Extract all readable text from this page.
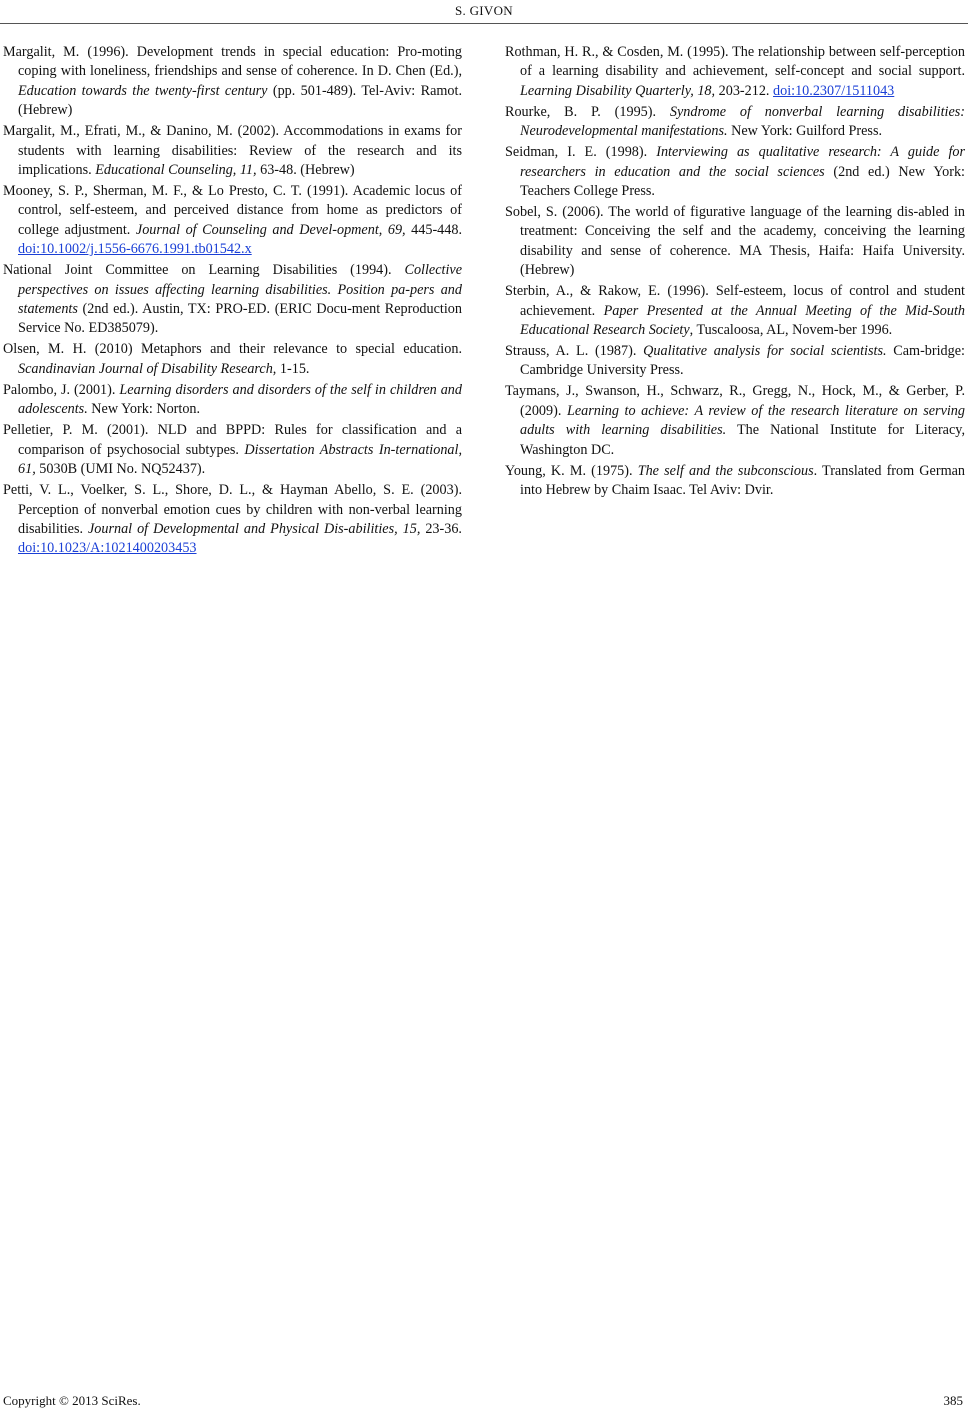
S. GIVON

Margalit, M. (1996). Development trends in special education: Pro-moting coping with loneliness, friendships and sense of coherence. In D. Chen (Ed.), Education towards the twenty-first century (pp. 501-489). Tel-Aviv: Ramot. (Hebrew)

Margalit, M., Efrati, M., & Danino, M. (2002). Accommodations in exams for students with learning disabilities: Review of the research and its implications. Educational Counseling, 11, 63-48. (Hebrew)

Mooney, S. P., Sherman, M. F., & Lo Presto, C. T. (1991). Academic locus of control, self-esteem, and perceived distance from home as predictors of college adjustment. Journal of Counseling and Devel-opment, 69, 445-448. doi:10.1002/j.1556-6676.1991.tb01542.x

National Joint Committee on Learning Disabilities (1994). Collective perspectives on issues affecting learning disabilities. Position pa-pers and statements (2nd ed.). Austin, TX: PRO-ED. (ERIC Docu-ment Reproduction Service No. ED385079).

Olsen, M. H. (2010) Metaphors and their relevance to special education. Scandinavian Journal of Disability Research, 1-15.

Palombo, J. (2001). Learning disorders and disorders of the self in children and adolescents. New York: Norton.

Pelletier, P. M. (2001). NLD and BPPD: Rules for classification and a comparison of psychosocial subtypes. Dissertation Abstracts In-ternational, 61, 5030B (UMI No. NQ52437).

Petti, V. L., Voelker, S. L., Shore, D. L., & Hayman Abello, S. E. (2003). Perception of nonverbal emotion cues by children with non-verbal learning disabilities. Journal of Developmental and Physical Dis-abilities, 15, 23-36. doi:10.1023/A:1021400203453

Rothman, H. R., & Cosden, M. (1995). The relationship between self-perception of a learning disability and achievement, self-concept and social support. Learning Disability Quarterly, 18, 203-212. doi:10.2307/1511043

Rourke, B. P. (1995). Syndrome of nonverbal learning disabilities: Neurodevelopmental manifestations. New York: Guilford Press.

Seidman, I. E. (1998). Interviewing as qualitative research: A guide for researchers in education and the social sciences (2nd ed.) New York: Teachers College Press.

Sobel, S. (2006). The world of figurative language of the learning dis-abled in treatment: Conceiving the self and the academy, conceiving the learning disability and sense of coherence. MA Thesis, Haifa: Haifa University. (Hebrew)

Sterbin, A., & Rakow, E. (1996). Self-esteem, locus of control and student achievement. Paper Presented at the Annual Meeting of the Mid-South Educational Research Society, Tuscaloosa, AL, Novem-ber 1996.

Strauss, A. L. (1987). Qualitative analysis for social scientists. Cam-bridge: Cambridge University Press.

Taymans, J., Swanson, H., Schwarz, R., Gregg, N., Hock, M., & Gerber, P. (2009). Learning to achieve: A review of the research literature on serving adults with learning disabilities. The National Institute for Literacy, Washington DC.

Young, K. M. (1975). The self and the subconscious. Translated from German into Hebrew by Chaim Isaac. Tel Aviv: Dvir.

Copyright © 2013 SciRes.	385
